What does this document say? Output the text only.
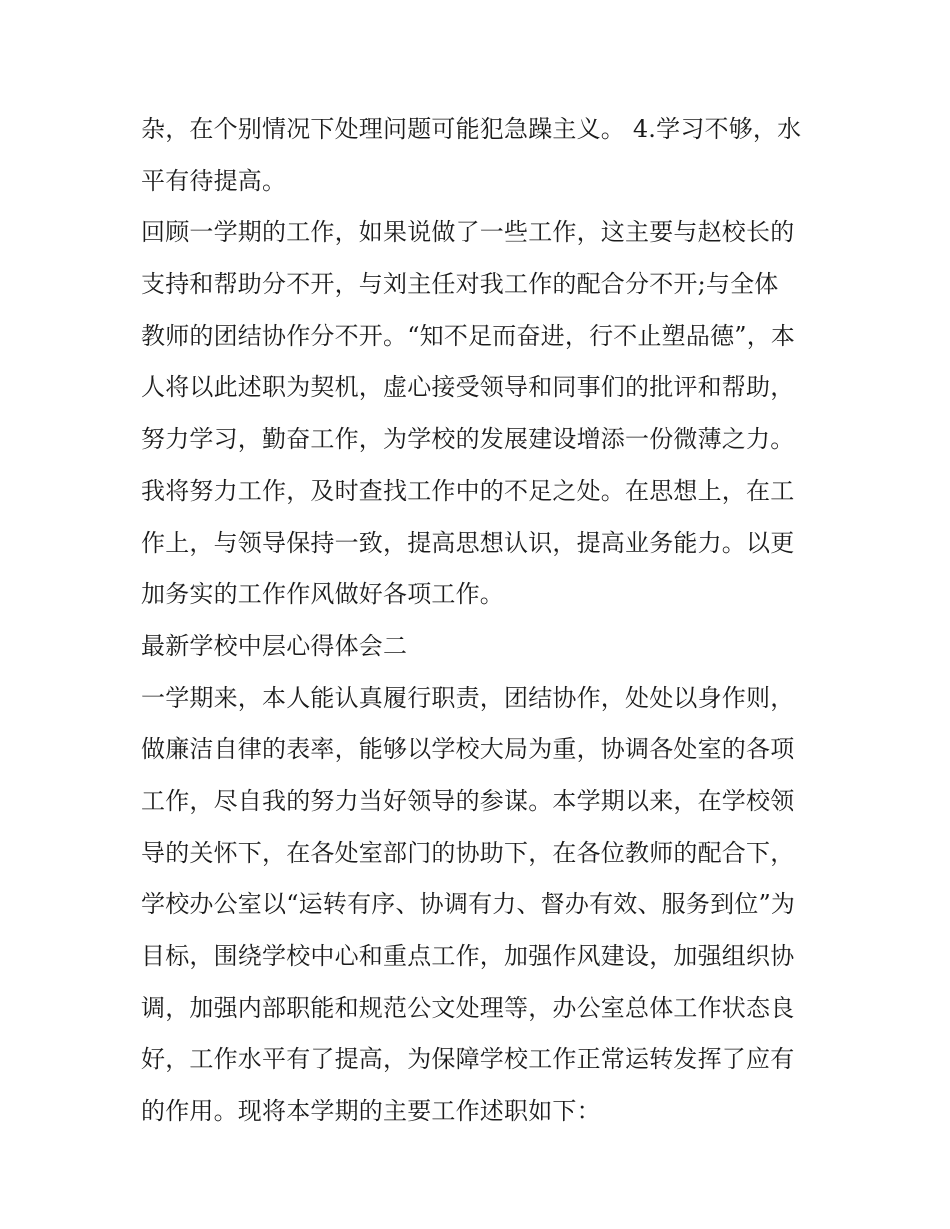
杂，在个别情况下处理问题可能犯急躁主义。 4.学习不够，水
平有待提高。
回顾一学期的工作，如果说做了一些工作，这主要与赵校长的
支持和帮助分不开，与刘主任对我工作的配合分不开;与全体
教师的团结协作分不开。“知不足而奋进，行不止塑品德”，本
人将以此述职为契机，虚心接受领导和同事们的批评和帮助，
努力学习，勤奋工作，为学校的发展建设增添一份微薄之力。
我将努力工作，及时查找工作中的不足之处。在思想上，在工
作上，与领导保持一致，提高思想认识，提高业务能力。以更
加务实的工作作风做好各项工作。
最新学校中层心得体会二
一学期来，本人能认真履行职责，团结协作，处处以身作则，
做廉洁自律的表率，能够以学校大局为重，协调各处室的各项
工作，尽自我的努力当好领导的参谋。本学期以来，在学校领
导的关怀下，在各处室部门的协助下，在各位教师的配合下，
学校办公室以“运转有序、协调有力、督办有效、服务到位”为
目标，围绕学校中心和重点工作，加强作风建设，加强组织协
调，加强内部职能和规范公文处理等，办公室总体工作状态良
好，工作水平有了提高，为保障学校工作正常运转发挥了应有
的作用。现将本学期的主要工作述职如下：
